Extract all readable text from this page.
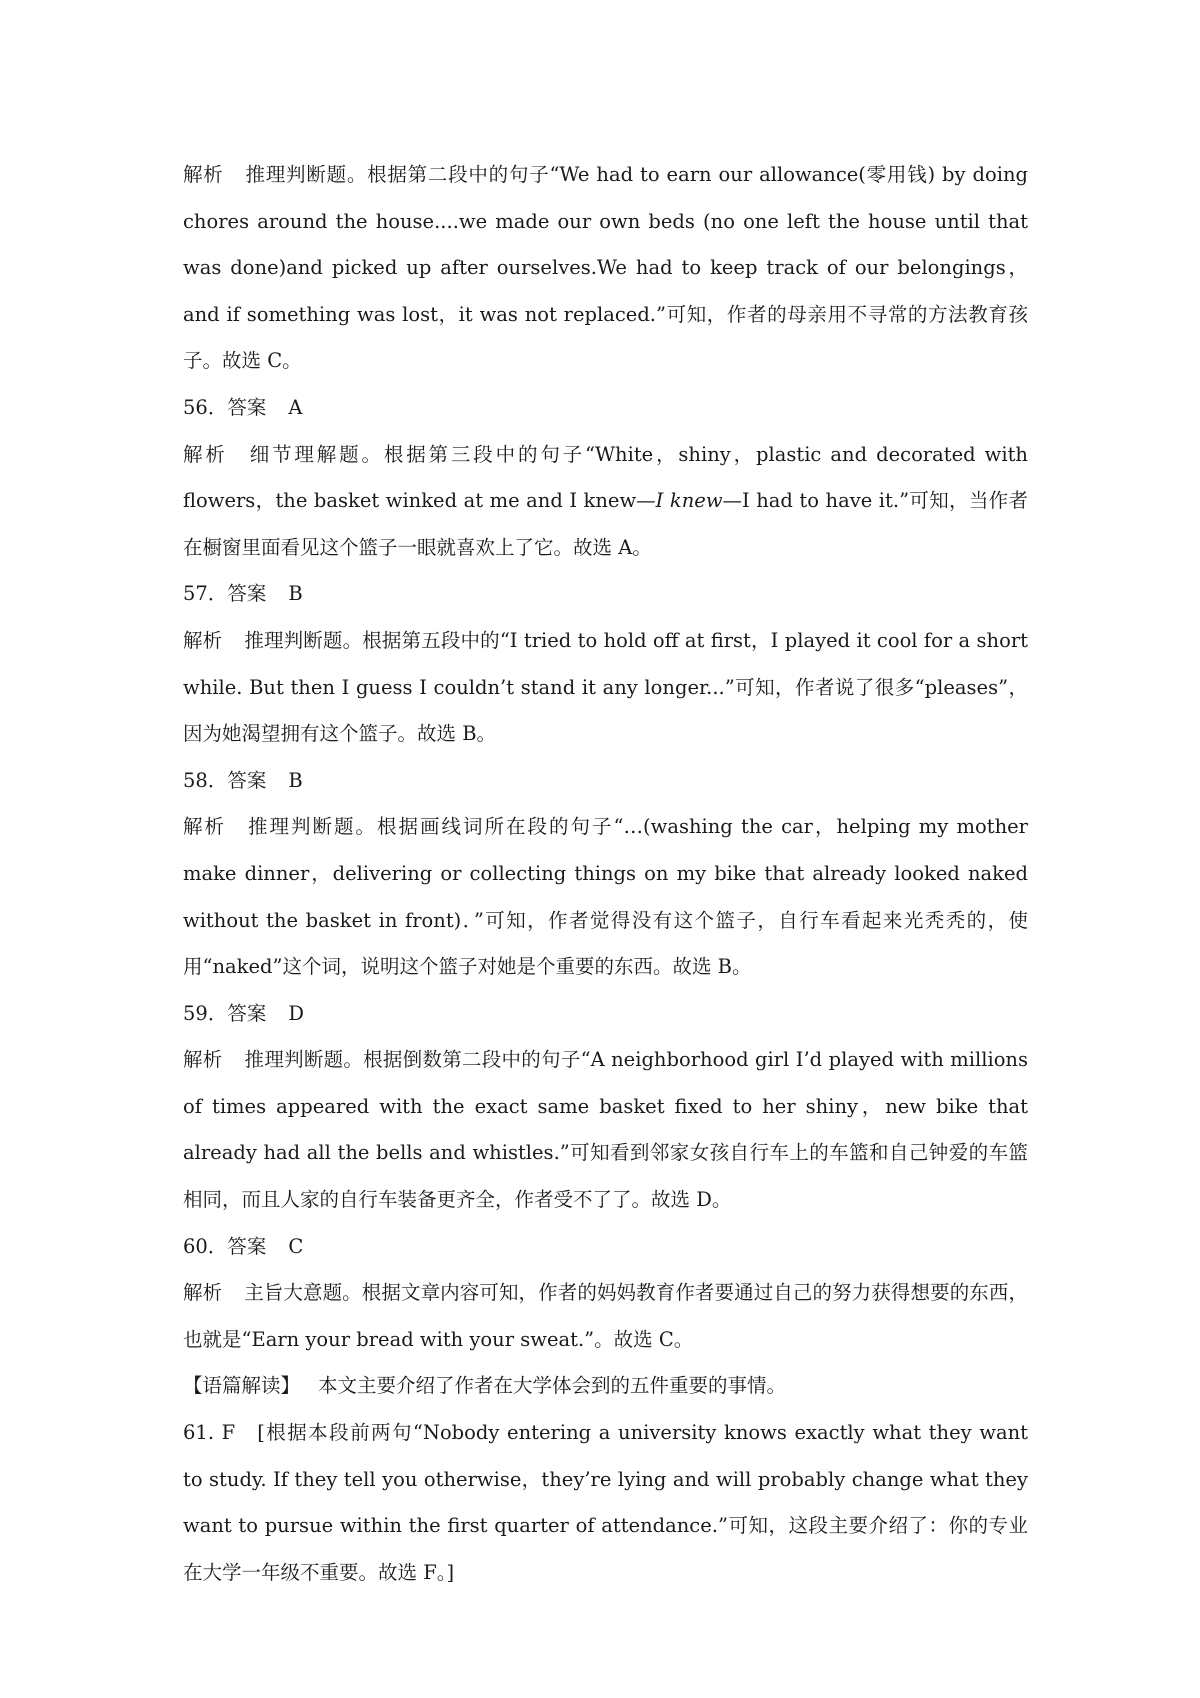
解析 推理判断题。根据第二段中的句子“We had to earn our allowance(零用钱) by doing chores around the house....we made our own beds (no one left the house until that was done)and picked up after ourselves.We had to keep track of our belongings，and if something was lost，it was not replaced.”可知，作者的母亲用不寻常的方法教育孩子。故选 C。

56．答案 A

解析 细节理解题。根据第三段中的句子“White，shiny，plastic and decorated with flowers，the basket winked at me and I knew—I knew—I had to have it.”可知，当作者在橱窗里面看见这个篮子一眼就喜欢上了它。故选 A。

57．答案 B

解析 推理判断题。根据第五段中的“I tried to hold off at first，I played it cool for a short while. But then I guess I couldn’t stand it any longer...”可知，作者说了很多“pleases”，因为她渴望拥有这个篮子。故选 B。

58．答案 B

解析 推理判断题。根据画线词所在段的句子“…(washing the car，helping my mother make dinner，delivering or collecting things on my bike that already looked naked without the basket in front)．”可知，作者觉得没有这个篮子，自行车看起来光秃秃的，使用“naked”这个词，说明这个篮子对她是个重要的东西。故选 B。

59．答案 D

解析 推理判断题。根据倒数第二段中的句子“A neighborhood girl I’d played with millions of times appeared with the exact same basket fixed to her shiny，new bike that already had all the bells and whistles.”可知看到邻家女孩自行车上的车篮和自己钟爱的车篮相同，而且人家的自行车装备更齐全，作者受不了了。故选 D。

60．答案 C

解析 主旨大意题。根据文章内容可知，作者的妈妈教育作者要通过自己的努力获得想要的东西，也就是“Earn your bread with your sweat.”。故选 C。

【语篇解读】 本文主要介绍了作者在大学体会到的五件重要的事情。

61. F [根据本段前两句“Nobody entering a university knows exactly what they want to study. If they tell you otherwise，they’re lying and will probably change what they want to pursue within the first quarter of attendance.”可知，这段主要介绍了：你的专业在大学一年级不重要。故选 F。]
